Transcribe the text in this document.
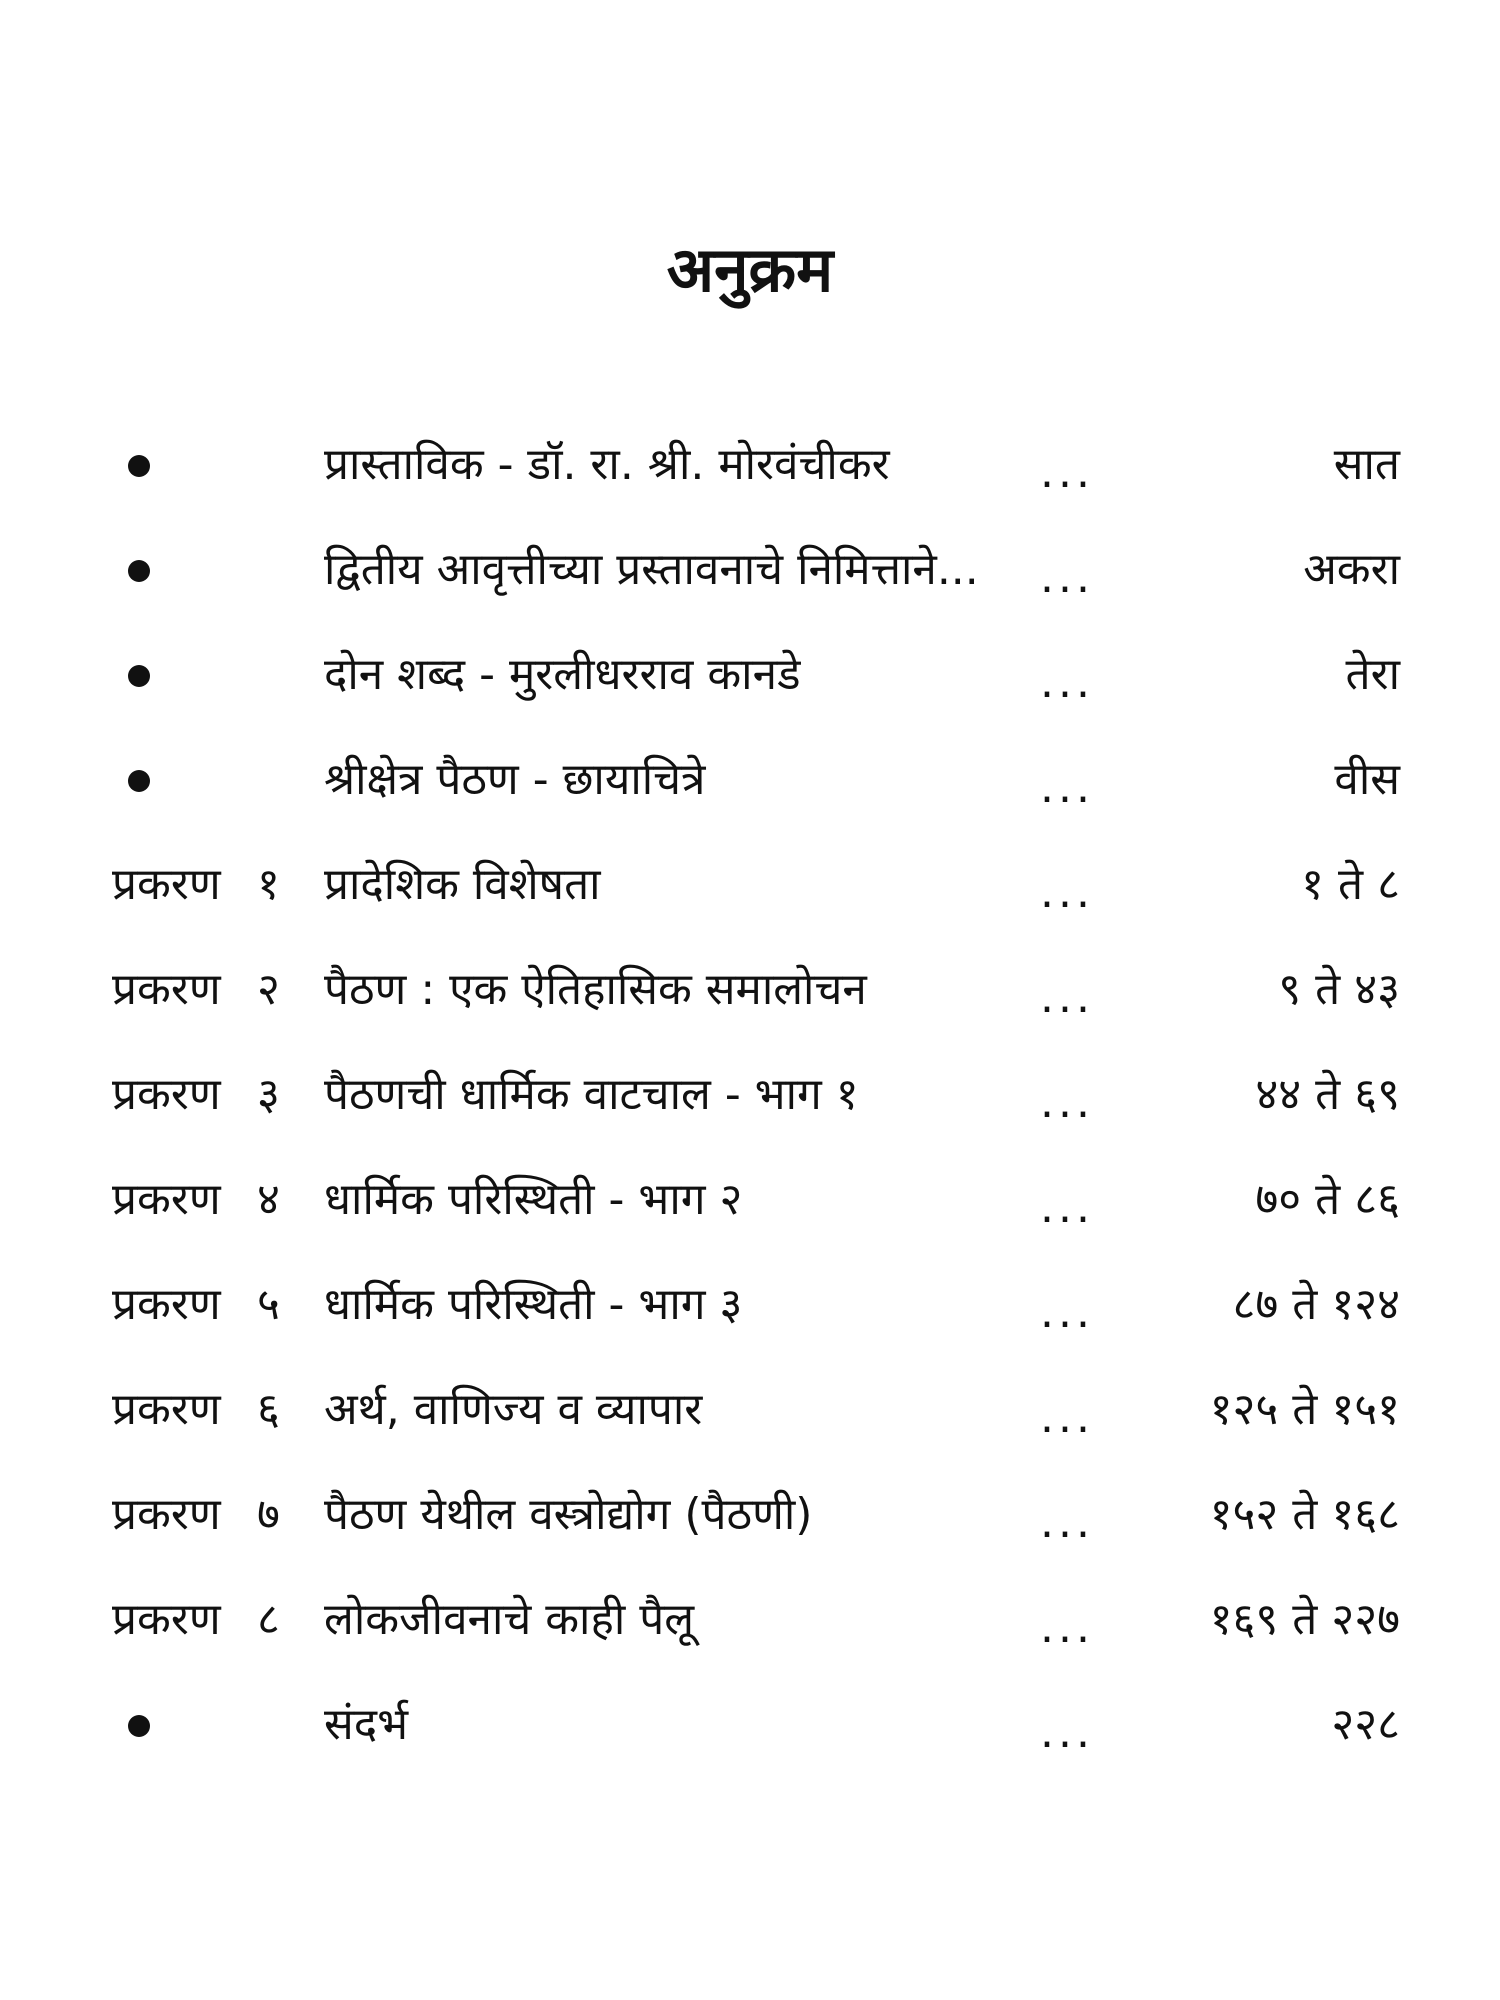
अनुक्रम
प्रास्ताविक - डॉ. रा. श्री. मोरवंचीकर	...	सात
द्वितीय आवृत्तीच्या प्रस्तावनाचे निमित्ताने... ...	अकरा
दोन शब्द - मुरलीधरराव कानडे	...	तेरा
श्रीक्षेत्र पैठण - छायाचित्रे	...	वीस
प्रकरण १ प्रादेशिक विशेषता	...	१ ते ८
प्रकरण २ पैठण : एक ऐतिहासिक समालोचन	...	९ ते ४३
प्रकरण ३ पैठणची धार्मिक वाटचाल - भाग १	...	४४ ते ६९
प्रकरण ४ धार्मिक परिस्थिती - भाग २	...	७० ते ८६
प्रकरण ५ धार्मिक परिस्थिती - भाग ३	...	८७ ते १२४
प्रकरण ६ अर्थ, वाणिज्य व व्यापार	...	१२५ ते १५१
प्रकरण ७ पैठण येथील वस्त्रोद्योग (पैठणी)	...	१५२ ते १६८
प्रकरण ८ लोकजीवनाचे काही पैलू	...	१६९ ते २२७
संदर्भ	...	२२८
